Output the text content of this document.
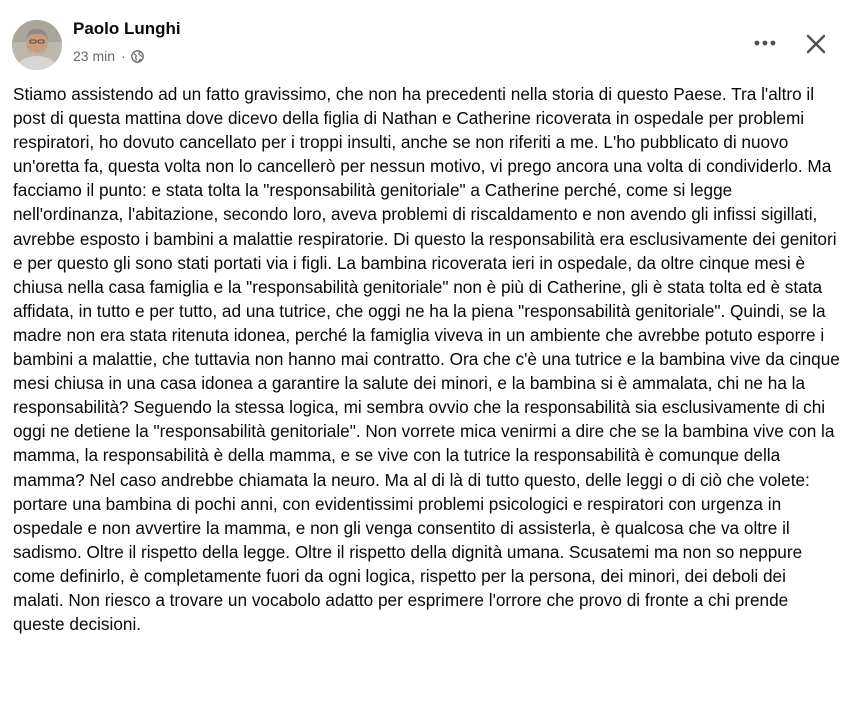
Paolo Lunghi
23 min ·

Stiamo assistendo ad un fatto gravissimo, che non ha precedenti nella storia di questo Paese. Tra l'altro il post di questa mattina dove dicevo della figlia di Nathan e Catherine ricoverata in ospedale per problemi respiratori, ho dovuto cancellato per i troppi insulti, anche se non riferiti a me. L'ho pubblicato di nuovo un'oretta fa, questa volta non lo cancellerò per nessun motivo, vi prego ancora una volta di condividerlo. Ma facciamo il punto: e stata tolta la "responsabilità genitoriale" a Catherine perché, come si legge nell'ordinanza, l'abitazione, secondo loro, aveva problemi di riscaldamento e non avendo gli infissi sigillati, avrebbe esposto i bambini a malattie respiratorie. Di questo la responsabilità era esclusivamente dei genitori e per questo gli sono stati portati via i figli. La bambina ricoverata ieri in ospedale, da oltre cinque mesi è chiusa nella casa famiglia e la "responsabilità genitoriale" non è più di Catherine, gli è stata tolta ed è stata affidata, in tutto e per tutto, ad una tutrice, che oggi ne ha la piena "responsabilità genitoriale". Quindi, se la madre non era stata ritenuta idonea, perché la famiglia viveva in un ambiente che avrebbe potuto esporre i bambini a malattie, che tuttavia non hanno mai contratto. Ora che c'è una tutrice e la bambina vive da cinque mesi chiusa in una casa idonea a garantire la salute dei minori, e la bambina si è ammalata, chi ne ha la responsabilità? Seguendo la stessa logica, mi sembra ovvio che la responsabilità sia esclusivamente di chi oggi ne detiene la "responsabilità genitoriale". Non vorrete mica venirmi a dire che se la bambina vive con la mamma, la responsabilità è della mamma, e se vive con la tutrice la responsabilità è comunque della mamma? Nel caso andrebbe chiamata la neuro. Ma al di là di tutto questo, delle leggi o di ciò che volete: portare una bambina di pochi anni, con evidentissimi problemi psicologici e respiratori con urgenza in ospedale e non avvertire la mamma, e non gli venga consentito di assisterla, è qualcosa che va oltre il sadismo. Oltre il rispetto della legge. Oltre il rispetto della dignità umana. Scusatemi ma non so neppure come definirlo, è completamente fuori da ogni logica, rispetto per la persona, dei minori, dei deboli dei malati. Non riesco a trovare un vocabolo adatto per esprimere l'orrore che provo di fronte a chi prende queste decisioni.
